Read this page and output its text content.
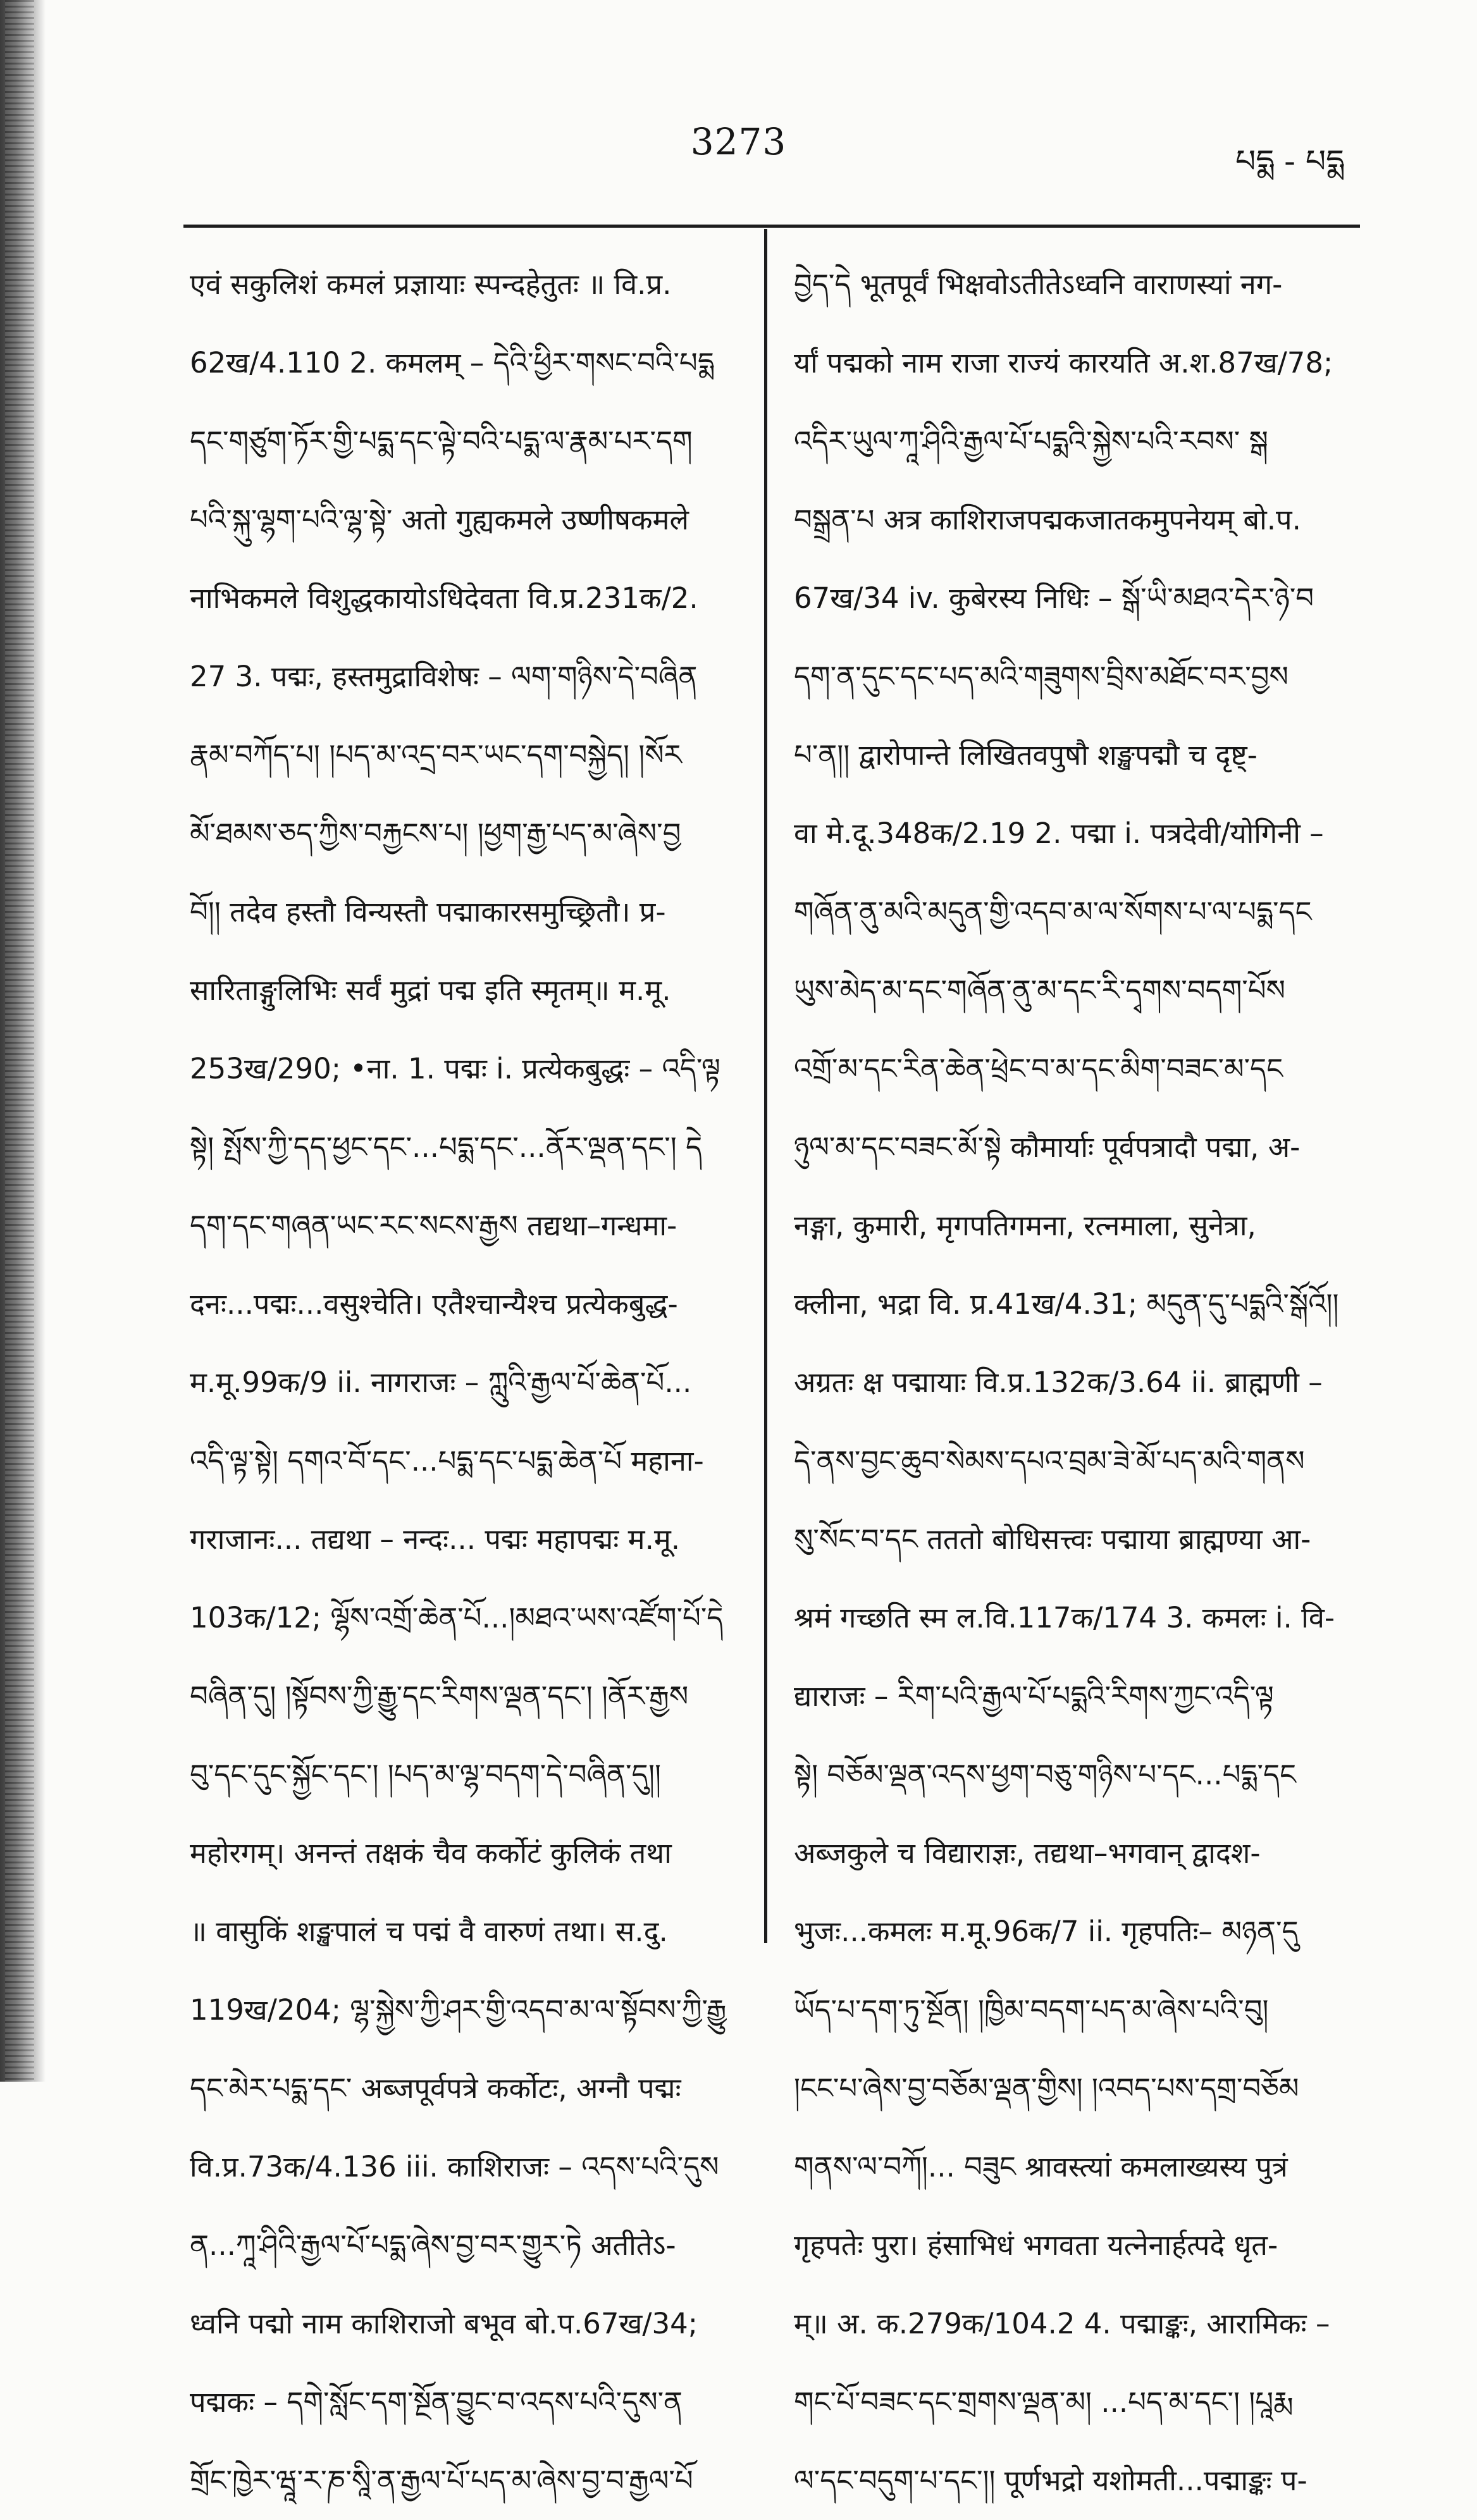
3273	པདྨ - པདྨ
एवं सकुलिशं कमलं प्रज्ञायाः स्पन्दहेतुतः ॥ वि.प्र.
62ख/4.110 2. कमलम् – དེའི་ཕྱིར་གསང་བའི་པདྨ
དང་གཙུག་ཏོར་གྱི་པདྨ་དང་ལྟེ་བའི་པདྨ་ལ་རྣམ་པར་དག
པའི་སྐུ་ལྷག་པའི་ལྷ་སྟེ་ अतो गुह्यकमले उष्णीषकमले
नाभिकमले विशुद्धकायोऽधिदेवता वि.प्र.231क/2.
27 3. पद्मः, हस्तमुद्राविशेषः – ལག་གཉིས་དེ་བཞིན
རྣམ་བཀོད་པ། །པད་མ་འདྲ་བར་ཡང་དག་བསྐྱེད། །སོར
མོ་ཐམས་ཅད་ཀྱིས་བརྐྱངས་པ། །ཕྱག་རྒྱ་པད་མ་ཞེས་བྱ
བོ།། तदेव हस्तौ विन्यस्तौ पद्माकारसमुच्छ्रितौ। प्र-
सारिताङ्गुलिभिः सर्वं मुद्रां पद्म इति स्मृतम्॥ म.मू.
253ख/290; •ना. 1. पद्मः i. प्रत्येकबुद्धः – འདི་ལྟ
སྟེ། སྤོས་ཀྱི་དད་ཕྱང་དང་...པདྨ་དང་...ནོར་ལྡན་དང་། དེ
དག་དང་གཞན་ཡང་རང་སངས་རྒྱས तद्यथा–गन्धमा-
दनः...पद्मः...वसुश्चेति। एतैश्चान्यैश्च प्रत्येकबुद्ध-
म.मू.99क/9 ii. नागराजः – ཀླུའི་རྒྱལ་པོ་ཆེན་པོ...
འདི་ལྟ་སྟེ། དགའ་བོ་དང་...པདྨ་དང་པདྨ་ཆེན་པོ महाना-
गराजानः... तद्यथा – नन्दः... पद्मः महापद्मः म.मू.
103क/12; ལྷོས་འགྲོ་ཆེན་པོ...།མཐའ་ཡས་འཛོག་པོ་དེ
བཞིན་དུ། །སྟོབས་ཀྱི་རྒྱུ་དང་རིགས་ལྡན་དང་། །ནོར་རྒྱས
བུ་དང་དུང་སྐྱོང་དང་། །པད་མ་ལྷ་བདག་དེ་བཞིན་དུ།།
महोरगम्। अनन्तं तक्षकं चैव कर्कोटं कुलिकं तथा
॥ वासुकिं शङ्खपालं च पद्मं वै वारुणं तथा। स.दु.
119ख/204; ལྷ་སྐྱེས་ཀྱི་ཤར་གྱི་འདབ་མ་ལ་སྟོབས་ཀྱི་རྒྱུ
དང་མེར་པདྨ་དང་ अब्जपूर्वपत्रे कर्कोटः, अग्नौ पद्मः
वि.प्र.73क/4.136 iii. काशिराजः – འདས་པའི་དུས
ན...ཀཱ་ཤིའི་རྒྱལ་པོ་པདྨ་ཞེས་བྱ་བར་གྱུར་ཏེ अतीतेऽ-
ध्वनि पद्मो नाम काशिराजो बभूव बो.प.67ख/34;
पद्मकः – དགེ་སློང་དག་སྔོན་བྱུང་བ་འདས་པའི་དུས་ན
གྲོང་ཁྱེར་ཝཱ་ར་ཎ་སཱི་ན་རྒྱལ་པོ་པད་མ་ཞེས་བྱ་བ་རྒྱལ་པོ
བྱེད་དེ भूतपूर्वं भिक्षवोऽतीतेऽध्वनि वाराणस्यां नग-
र्यां पद्मको नाम राजा राज्यं कारयति अ.श.87ख/78;
འདིར་ཡུལ་ཀཱ་ཤིའི་རྒྱལ་པོ་པདྨའི་སྐྱེས་པའི་རབས་ སྒ
བསྒྲན་པ अत्र काशिराजपद्मकजातकमुपनेयम् बो.प.
67ख/34 iv. कुबेरस्य निधिः – སྒོ་ཡི་མཐའ་དེར་ཉེ་བ
དག་ན་དུང་དང་པད་མའི་གཟུགས་བྲིས་མཐོང་བར་བྱས
པ་ན།། द्वारोपान्ते लिखितवपुषौ शङ्खपद्मौ च दृष्ट्-
वा मे.दू.348क/2.19 2. पद्मा i. पत्रदेवी/योगिनी –
གཞོན་ནུ་མའི་མདུན་གྱི་འདབ་མ་ལ་སོགས་པ་ལ་པདྨ་དང
ཡུས་མེད་མ་དང་གཞོན་ནུ་མ་དང་རི་དྭགས་བདག་པོས
འགྲོ་མ་དང་རིན་ཆེན་ཕྲེང་བ་མ་དང་མིག་བཟང་མ་དང
ཉུལ་མ་དང་བཟང་མོ་སྟེ कौमार्याः पूर्वपत्रादौ पद्मा, अ-
नङ्गा, कुमारी, मृगपतिगमना, रत्नमाला, सुनेत्रा,
क्लीना, भद्रा वि. प्र.41ख/4.31; མདུན་དུ་པདྨའི་སྒོའོ།།
अग्रतः क्ष पद्मायाः वि.प्र.132क/3.64 ii. ब्राह्मणी –
དེ་ནས་བྱང་ཆུབ་སེམས་དཔའ་བྲམ་ཟེ་མོ་པད་མའི་གནས
སུ་སོང་བ་དང तततो बोधिसत्त्वः पद्माया ब्राह्मण्या आ-
श्रमं गच्छति स्म ल.वि.117क/174 3. कमलः i. वि-
द्याराजः – རིག་པའི་རྒྱལ་པོ་པདྨའི་རིགས་ཀྱང་འདི་ལྟ
སྟེ། བཅོམ་ལྡན་འདས་ཕྱག་བཅུ་གཉིས་པ་དང...པདྨ་དང
अब्जकुले च विद्याराज्ञः, तद्यथा–भगवान् द्वादश-
भुजः...कमलः म.मू.96क/7 ii. गृहपतिः– མཉན་དུ
ཡོད་པ་དག་ཏུ་སྔོན། །ཁྱིམ་བདག་པད་མ་ཞེས་པའི་བུ།
།ངང་པ་ཞེས་བྱ་བཅོམ་ལྡན་གྱིས། །འབད་པས་དགྲ་བཅོམ
གནས་ལ་བཀོ།... བཟུང श्रावस्त्यां कमलाख्यस्य पुत्रं
गृहपतेः पुरा। हंसाभिधं भगवता यत्नेनार्हत्पदे धृत-
म्॥ अ. क.279क/104.2 4. पद्माङ्कः, आरामिकः –
གང་པོ་བཟང་དང་གྲགས་ལྡན་མ། ...པད་མ་དང་། །པཱརྨ
ལ་དང་བདུག་པ་དང་།། पूर्णभद्रो यशोमती...पद्माङ्कः प-
